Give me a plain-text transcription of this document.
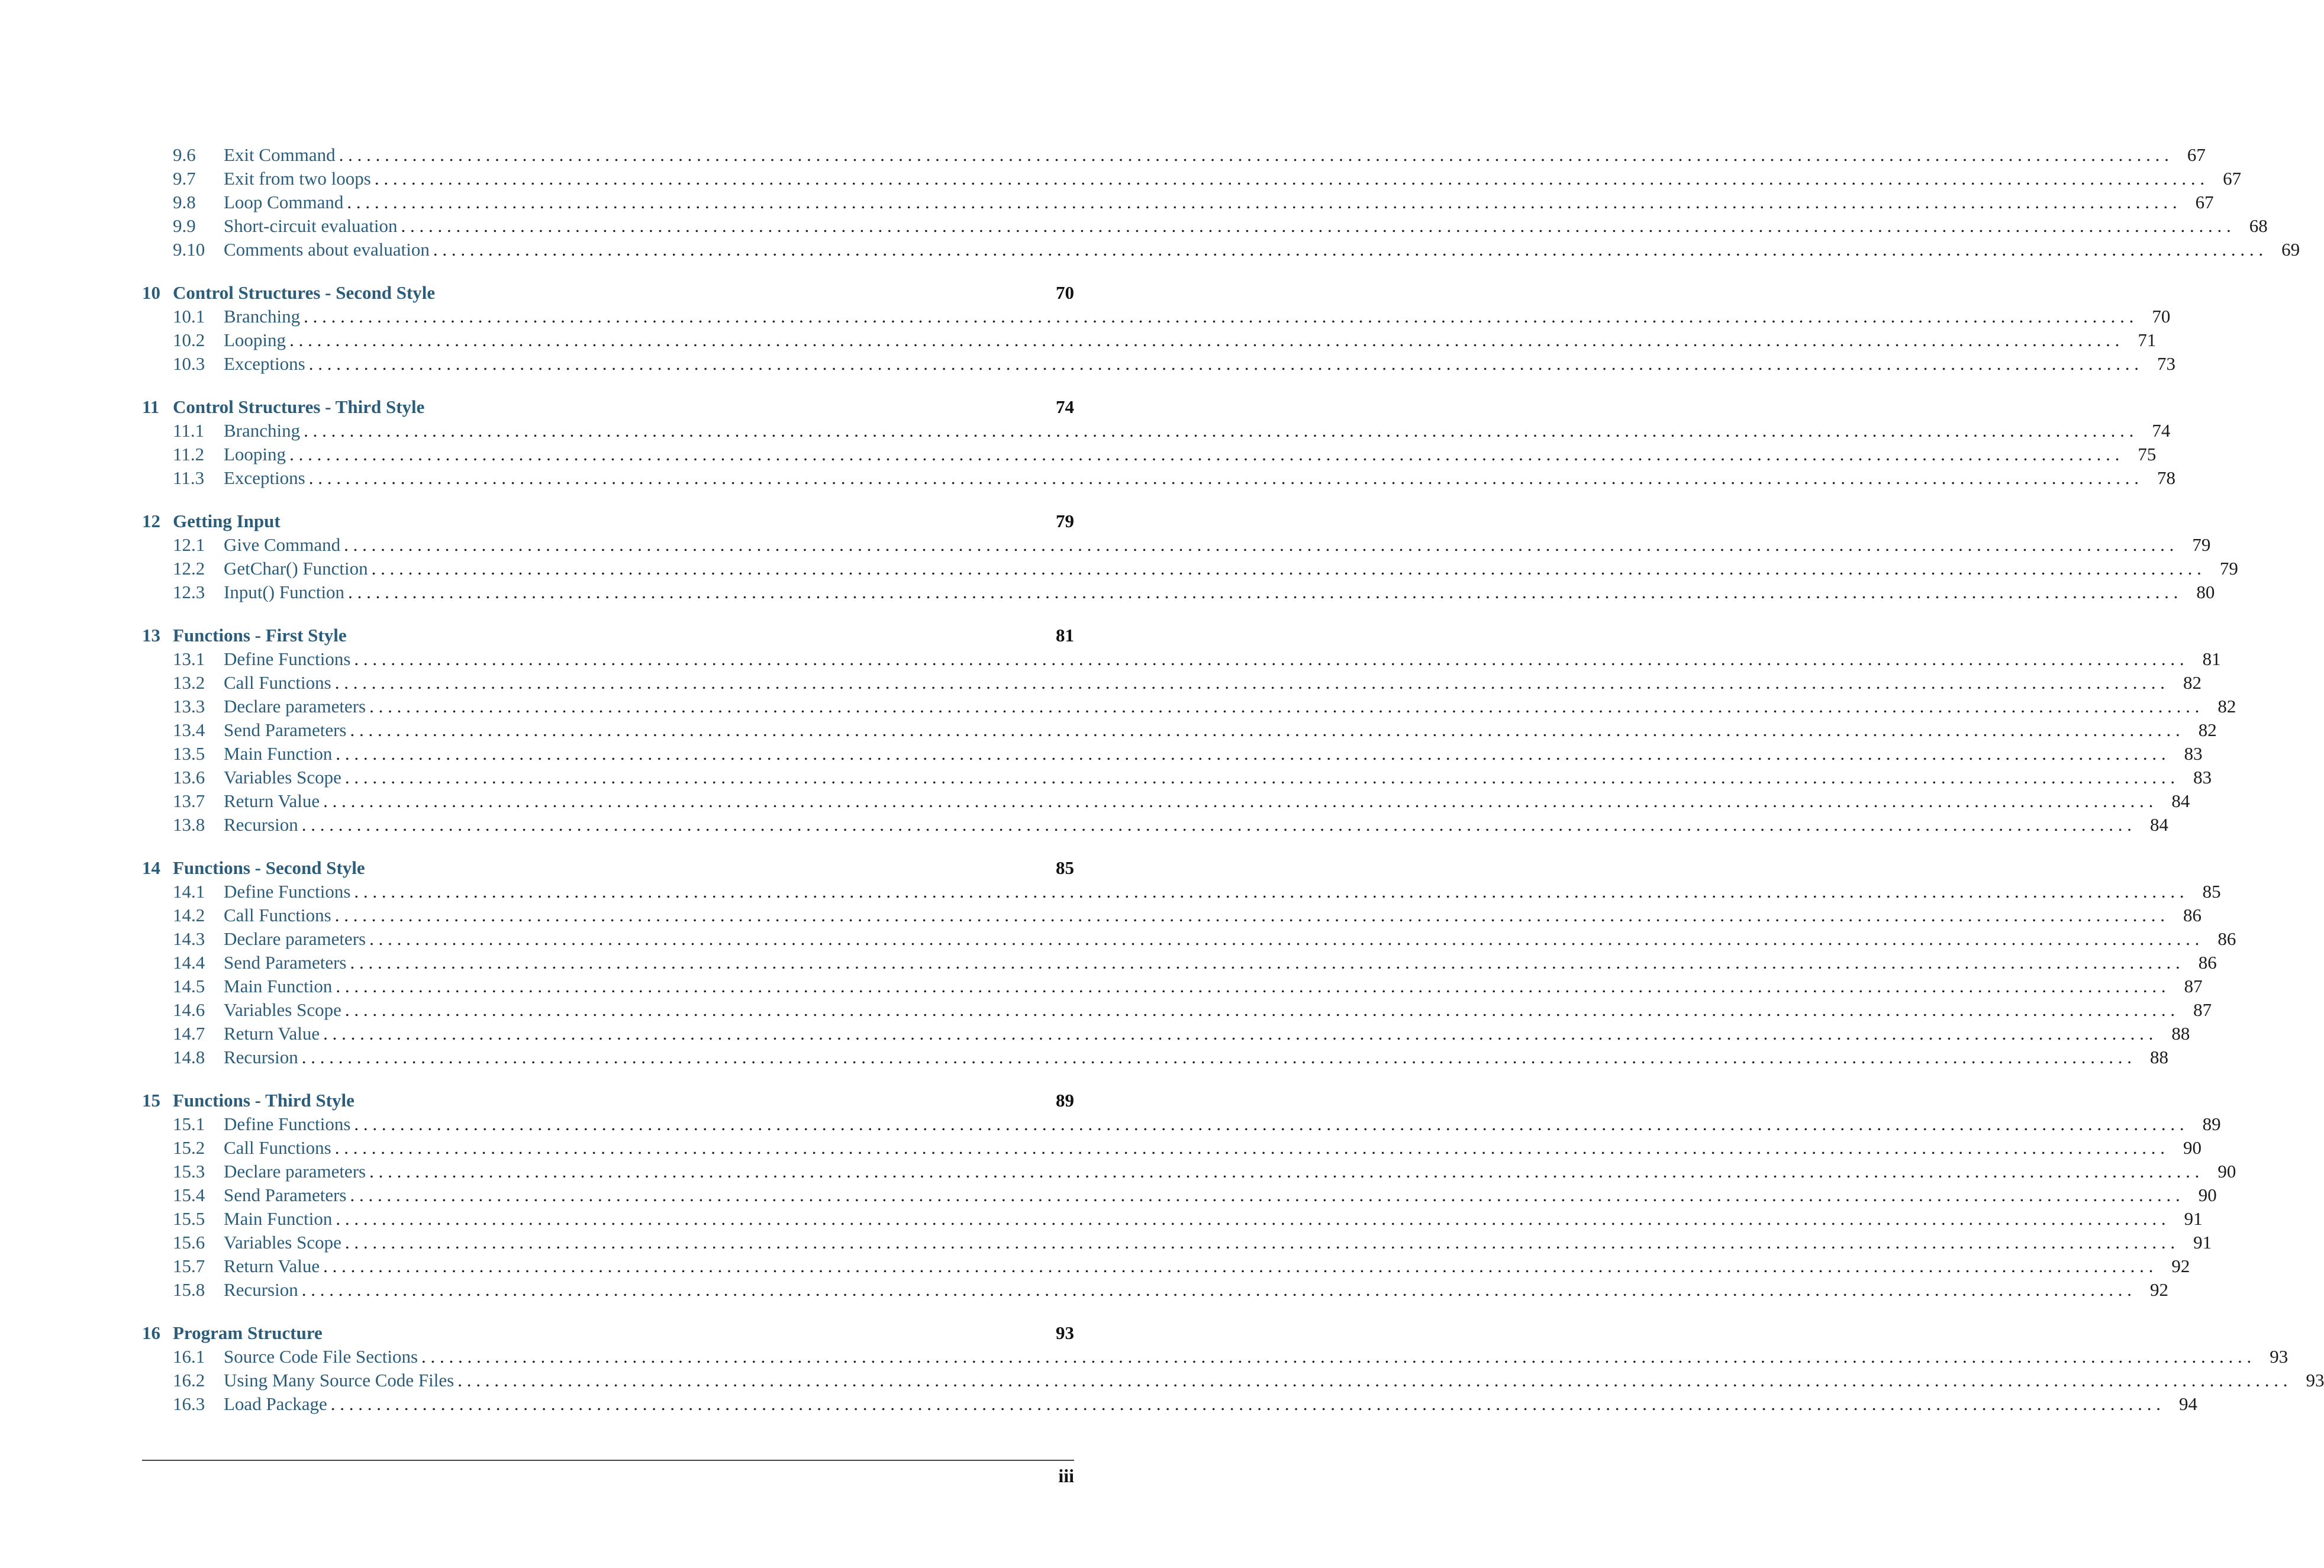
9.6	Exit Command . . . . . . . . . . . . . . . . . . . . . . . . . . . . . . . . . . . . . . . . . . . . . . . . . . . . . . . . . . . . . . . . . . . . . . . . . . . . . . . . . . . . . . . . . . . . . . . . . . . . . . . . . . . . . . . . . . . . . . . . . . . . . . . . . . . . . . . . . . . . . . . . . . . . . . . . . . . . . . . . . . . . . . . . . . . . . . . . . . . . . . . . . . . . . . . . . . . . . . . . 67
9.7	Exit from two loops . . . . . . . . . . . . . . . . . . . . . . . . . . . . . . . . . . . . . . . . . . . . . . . . . . . . . . . . . . . . . . . . . . . . . . . . . . . . . . . . . . . . . . . . . . . . . . . . . . . . . . . . . . . . . . . . . . . . . . . . . . . . . . . . . . . . . . . . . . . . . . . . . . . . . . . . . . . . . . . . . . . . . . . . . . . . . . . . . . . . . . . . . . . . . . . . . . . . . . . . 67
9.8	Loop Command . . . . . . . . . . . . . . . . . . . . . . . . . . . . . . . . . . . . . . . . . . . . . . . . . . . . . . . . . . . . . . . . . . . . . . . . . . . . . . . . . . . . . . . . . . . . . . . . . . . . . . . . . . . . . . . . . . . . . . . . . . . . . . . . . . . . . . . . . . . . . . . . . . . . . . . . . . . . . . . . . . . . . . . . . . . . . . . . . . . . . . . . . . . . . . . . . . . . . . . . 67
9.9	Short-circuit evaluation . . . . . . . . . . . . . . . . . . . . . . . . . . . . . . . . . . . . . . . . . . . . . . . . . . . . . . . . . . . . . . . . . . . . . . . . . . . . . . . . . . . . . . . . . . . . . . . . . . . . . . . . . . . . . . . . . . . . . . . . . . . . . . . . . . . . . . . . . . . . . . . . . . . . . . . . . . . . . . . . . . . . . . . . . . . . . . . . . . . . . . . . . . . . . . . . . . . . . . . . 68
9.10	Comments about evaluation . . . . . . . . . . . . . . . . . . . . . . . . . . . . . . . . . . . . . . . . . . . . . . . . . . . . . . . . . . . . . . . . . . . . . . . . . . . . . . . . . . . . . . . . . . . . . . . . . . . . . . . . . . . . . . . . . . . . . . . . . . . . . . . . . . . . . . . . . . . . . . . . . . . . . . . . . . . . . . . . . . . . . . . . . . . . . . . . . . . . . . . . . . . . . . . . . . . . . . . . 69
10 Control Structures - Second Style	70
10.1	Branching . . . . . . . . . . . . . . . . . . . . . . . . . . . . . . . . . . . . . . . . . . . . . . . . . . . . . . . . . . . . . . . . . . . . . . . . . . . . . . . . . . . . . . . . . . . . . . . . . . . . . . . . . . . . . . . . . . . . . . . . . . . . . . . . . . . . . . . . . . . . . . . . . . . . . . . . . . . . . . . . . . . . . . . . . . . . . . . . . . . . . . . . . . . . . . . . . . . . . . . . 70
10.2	Looping . . . . . . . . . . . . . . . . . . . . . . . . . . . . . . . . . . . . . . . . . . . . . . . . . . . . . . . . . . . . . . . . . . . . . . . . . . . . . . . . . . . . . . . . . . . . . . . . . . . . . . . . . . . . . . . . . . . . . . . . . . . . . . . . . . . . . . . . . . . . . . . . . . . . . . . . . . . . . . . . . . . . . . . . . . . . . . . . . . . . . . . . . . . . . . . . . . . . . . . . 71
10.3	Exceptions . . . . . . . . . . . . . . . . . . . . . . . . . . . . . . . . . . . . . . . . . . . . . . . . . . . . . . . . . . . . . . . . . . . . . . . . . . . . . . . . . . . . . . . . . . . . . . . . . . . . . . . . . . . . . . . . . . . . . . . . . . . . . . . . . . . . . . . . . . . . . . . . . . . . . . . . . . . . . . . . . . . . . . . . . . . . . . . . . . . . . . . . . . . . . . . . . . . . . . . . 73
11 Control Structures - Third Style	74
11.1	Branching . . . . . . . . . . . . . . . . . . . . . . . . . . . . . . . . . . . . . . . . . . . . . . . . . . . . . . . . . . . . . . . . . . . . . . . . . . . . . . . . . . . . . . . . . . . . . . . . . . . . . . . . . . . . . . . . . . . . . . . . . . . . . . . . . . . . . . . . . . . . . . . . . . . . . . . . . . . . . . . . . . . . . . . . . . . . . . . . . . . . . . . . . . . . . . . . . . . . . . . . 74
11.2	Looping . . . . . . . . . . . . . . . . . . . . . . . . . . . . . . . . . . . . . . . . . . . . . . . . . . . . . . . . . . . . . . . . . . . . . . . . . . . . . . . . . . . . . . . . . . . . . . . . . . . . . . . . . . . . . . . . . . . . . . . . . . . . . . . . . . . . . . . . . . . . . . . . . . . . . . . . . . . . . . . . . . . . . . . . . . . . . . . . . . . . . . . . . . . . . . . . . . . . . . . . 75
11.3	Exceptions . . . . . . . . . . . . . . . . . . . . . . . . . . . . . . . . . . . . . . . . . . . . . . . . . . . . . . . . . . . . . . . . . . . . . . . . . . . . . . . . . . . . . . . . . . . . . . . . . . . . . . . . . . . . . . . . . . . . . . . . . . . . . . . . . . . . . . . . . . . . . . . . . . . . . . . . . . . . . . . . . . . . . . . . . . . . . . . . . . . . . . . . . . . . . . . . . . . . . . . . 78
12 Getting Input	79
12.1	Give Command . . . . . . . . . . . . . . . . . . . . . . . . . . . . . . . . . . . . . . . . . . . . . . . . . . . . . . . . . . . . . . . . . . . . . . . . . . . . . . . . . . . . . . . . . . . . . . . . . . . . . . . . . . . . . . . . . . . . . . . . . . . . . . . . . . . . . . . . . . . . . . . . . . . . . . . . . . . . . . . . . . . . . . . . . . . . . . . . . . . . . . . . . . . . . . . . . . . . . . . . 79
12.2	GetChar() Function . . . . . . . . . . . . . . . . . . . . . . . . . . . . . . . . . . . . . . . . . . . . . . . . . . . . . . . . . . . . . . . . . . . . . . . . . . . . . . . . . . . . . . . . . . . . . . . . . . . . . . . . . . . . . . . . . . . . . . . . . . . . . . . . . . . . . . . . . . . . . . . . . . . . . . . . . . . . . . . . . . . . . . . . . . . . . . . . . . . . . . . . . . . . . . . . . . . . . . . . 79
12.3	Input() Function . . . . . . . . . . . . . . . . . . . . . . . . . . . . . . . . . . . . . . . . . . . . . . . . . . . . . . . . . . . . . . . . . . . . . . . . . . . . . . . . . . . . . . . . . . . . . . . . . . . . . . . . . . . . . . . . . . . . . . . . . . . . . . . . . . . . . . . . . . . . . . . . . . . . . . . . . . . . . . . . . . . . . . . . . . . . . . . . . . . . . . . . . . . . . . . . . . . . . . . . 80
13 Functions - First Style	81
13.1	Define Functions . . . . . . . . . . . . . . . . . . . . . . . . . . . . . . . . . . . . . . . . . . . . . . . . . . . . . . . . . . . . . . . . . . . . . . . . . . . . . . . . . . . . . . . . . . . . . . . . . . . . . . . . . . . . . . . . . . . . . . . . . . . . . . . . . . . . . . . . . . . . . . . . . . . . . . . . . . . . . . . . . . . . . . . . . . . . . . . . . . . . . . . . . . . . . . . . . . . . . . . . 81
13.2	Call Functions . . . . . . . . . . . . . . . . . . . . . . . . . . . . . . . . . . . . . . . . . . . . . . . . . . . . . . . . . . . . . . . . . . . . . . . . . . . . . . . . . . . . . . . . . . . . . . . . . . . . . . . . . . . . . . . . . . . . . . . . . . . . . . . . . . . . . . . . . . . . . . . . . . . . . . . . . . . . . . . . . . . . . . . . . . . . . . . . . . . . . . . . . . . . . . . . . . . . . . . . 82
13.3	Declare parameters . . . . . . . . . . . . . . . . . . . . . . . . . . . . . . . . . . . . . . . . . . . . . . . . . . . . . . . . . . . . . . . . . . . . . . . . . . . . . . . . . . . . . . . . . . . . . . . . . . . . . . . . . . . . . . . . . . . . . . . . . . . . . . . . . . . . . . . . . . . . . . . . . . . . . . . . . . . . . . . . . . . . . . . . . . . . . . . . . . . . . . . . . . . . . . . . . . . . . . . . 82
13.4	Send Parameters . . . . . . . . . . . . . . . . . . . . . . . . . . . . . . . . . . . . . . . . . . . . . . . . . . . . . . . . . . . . . . . . . . . . . . . . . . . . . . . . . . . . . . . . . . . . . . . . . . . . . . . . . . . . . . . . . . . . . . . . . . . . . . . . . . . . . . . . . . . . . . . . . . . . . . . . . . . . . . . . . . . . . . . . . . . . . . . . . . . . . . . . . . . . . . . . . . . . . . . . 82
13.5	Main Function . . . . . . . . . . . . . . . . . . . . . . . . . . . . . . . . . . . . . . . . . . . . . . . . . . . . . . . . . . . . . . . . . . . . . . . . . . . . . . . . . . . . . . . . . . . . . . . . . . . . . . . . . . . . . . . . . . . . . . . . . . . . . . . . . . . . . . . . . . . . . . . . . . . . . . . . . . . . . . . . . . . . . . . . . . . . . . . . . . . . . . . . . . . . . . . . . . . . . . . . 83
13.6	Variables Scope . . . . . . . . . . . . . . . . . . . . . . . . . . . . . . . . . . . . . . . . . . . . . . . . . . . . . . . . . . . . . . . . . . . . . . . . . . . . . . . . . . . . . . . . . . . . . . . . . . . . . . . . . . . . . . . . . . . . . . . . . . . . . . . . . . . . . . . . . . . . . . . . . . . . . . . . . . . . . . . . . . . . . . . . . . . . . . . . . . . . . . . . . . . . . . . . . . . . . . . . 83
13.7	Return Value . . . . . . . . . . . . . . . . . . . . . . . . . . . . . . . . . . . . . . . . . . . . . . . . . . . . . . . . . . . . . . . . . . . . . . . . . . . . . . . . . . . . . . . . . . . . . . . . . . . . . . . . . . . . . . . . . . . . . . . . . . . . . . . . . . . . . . . . . . . . . . . . . . . . . . . . . . . . . . . . . . . . . . . . . . . . . . . . . . . . . . . . . . . . . . . . . . . . . . . . 84
13.8	Recursion . . . . . . . . . . . . . . . . . . . . . . . . . . . . . . . . . . . . . . . . . . . . . . . . . . . . . . . . . . . . . . . . . . . . . . . . . . . . . . . . . . . . . . . . . . . . . . . . . . . . . . . . . . . . . . . . . . . . . . . . . . . . . . . . . . . . . . . . . . . . . . . . . . . . . . . . . . . . . . . . . . . . . . . . . . . . . . . . . . . . . . . . . . . . . . . . . . . . . . . . 84
14 Functions - Second Style	85
14.1	Define Functions . . . . . . . . . . . . . . . . . . . . . . . . . . . . . . . . . . . . . . . . . . . . . . . . . . . . . . . . . . . . . . . . . . . . . . . . . . . . . . . . . . . . . . . . . . . . . . . . . . . . . . . . . . . . . . . . . . . . . . . . . . . . . . . . . . . . . . . . . . . . . . . . . . . . . . . . . . . . . . . . . . . . . . . . . . . . . . . . . . . . . . . . . . . . . . . . . . . . . . . . 85
14.2	Call Functions . . . . . . . . . . . . . . . . . . . . . . . . . . . . . . . . . . . . . . . . . . . . . . . . . . . . . . . . . . . . . . . . . . . . . . . . . . . . . . . . . . . . . . . . . . . . . . . . . . . . . . . . . . . . . . . . . . . . . . . . . . . . . . . . . . . . . . . . . . . . . . . . . . . . . . . . . . . . . . . . . . . . . . . . . . . . . . . . . . . . . . . . . . . . . . . . . . . . . . . . 86
14.3	Declare parameters . . . . . . . . . . . . . . . . . . . . . . . . . . . . . . . . . . . . . . . . . . . . . . . . . . . . . . . . . . . . . . . . . . . . . . . . . . . . . . . . . . . . . . . . . . . . . . . . . . . . . . . . . . . . . . . . . . . . . . . . . . . . . . . . . . . . . . . . . . . . . . . . . . . . . . . . . . . . . . . . . . . . . . . . . . . . . . . . . . . . . . . . . . . . . . . . . . . . . . . . 86
14.4	Send Parameters . . . . . . . . . . . . . . . . . . . . . . . . . . . . . . . . . . . . . . . . . . . . . . . . . . . . . . . . . . . . . . . . . . . . . . . . . . . . . . . . . . . . . . . . . . . . . . . . . . . . . . . . . . . . . . . . . . . . . . . . . . . . . . . . . . . . . . . . . . . . . . . . . . . . . . . . . . . . . . . . . . . . . . . . . . . . . . . . . . . . . . . . . . . . . . . . . . . . . . . . 86
14.5	Main Function . . . . . . . . . . . . . . . . . . . . . . . . . . . . . . . . . . . . . . . . . . . . . . . . . . . . . . . . . . . . . . . . . . . . . . . . . . . . . . . . . . . . . . . . . . . . . . . . . . . . . . . . . . . . . . . . . . . . . . . . . . . . . . . . . . . . . . . . . . . . . . . . . . . . . . . . . . . . . . . . . . . . . . . . . . . . . . . . . . . . . . . . . . . . . . . . . . . . . . . . 87
14.6	Variables Scope . . . . . . . . . . . . . . . . . . . . . . . . . . . . . . . . . . . . . . . . . . . . . . . . . . . . . . . . . . . . . . . . . . . . . . . . . . . . . . . . . . . . . . . . . . . . . . . . . . . . . . . . . . . . . . . . . . . . . . . . . . . . . . . . . . . . . . . . . . . . . . . . . . . . . . . . . . . . . . . . . . . . . . . . . . . . . . . . . . . . . . . . . . . . . . . . . . . . . . . . 87
14.7	Return Value . . . . . . . . . . . . . . . . . . . . . . . . . . . . . . . . . . . . . . . . . . . . . . . . . . . . . . . . . . . . . . . . . . . . . . . . . . . . . . . . . . . . . . . . . . . . . . . . . . . . . . . . . . . . . . . . . . . . . . . . . . . . . . . . . . . . . . . . . . . . . . . . . . . . . . . . . . . . . . . . . . . . . . . . . . . . . . . . . . . . . . . . . . . . . . . . . . . . . . . . 88
14.8	Recursion . . . . . . . . . . . . . . . . . . . . . . . . . . . . . . . . . . . . . . . . . . . . . . . . . . . . . . . . . . . . . . . . . . . . . . . . . . . . . . . . . . . . . . . . . . . . . . . . . . . . . . . . . . . . . . . . . . . . . . . . . . . . . . . . . . . . . . . . . . . . . . . . . . . . . . . . . . . . . . . . . . . . . . . . . . . . . . . . . . . . . . . . . . . . . . . . . . . . . . . . 88
15 Functions - Third Style	89
15.1	Define Functions . . . . . . . . . . . . . . . . . . . . . . . . . . . . . . . . . . . . . . . . . . . . . . . . . . . . . . . . . . . . . . . . . . . . . . . . . . . . . . . . . . . . . . . . . . . . . . . . . . . . . . . . . . . . . . . . . . . . . . . . . . . . . . . . . . . . . . . . . . . . . . . . . . . . . . . . . . . . . . . . . . . . . . . . . . . . . . . . . . . . . . . . . . . . . . . . . . . . . . . . 89
15.2	Call Functions . . . . . . . . . . . . . . . . . . . . . . . . . . . . . . . . . . . . . . . . . . . . . . . . . . . . . . . . . . . . . . . . . . . . . . . . . . . . . . . . . . . . . . . . . . . . . . . . . . . . . . . . . . . . . . . . . . . . . . . . . . . . . . . . . . . . . . . . . . . . . . . . . . . . . . . . . . . . . . . . . . . . . . . . . . . . . . . . . . . . . . . . . . . . . . . . . . . . . . . . 90
15.3	Declare parameters . . . . . . . . . . . . . . . . . . . . . . . . . . . . . . . . . . . . . . . . . . . . . . . . . . . . . . . . . . . . . . . . . . . . . . . . . . . . . . . . . . . . . . . . . . . . . . . . . . . . . . . . . . . . . . . . . . . . . . . . . . . . . . . . . . . . . . . . . . . . . . . . . . . . . . . . . . . . . . . . . . . . . . . . . . . . . . . . . . . . . . . . . . . . . . . . . . . . . . . . 90
15.4	Send Parameters . . . . . . . . . . . . . . . . . . . . . . . . . . . . . . . . . . . . . . . . . . . . . . . . . . . . . . . . . . . . . . . . . . . . . . . . . . . . . . . . . . . . . . . . . . . . . . . . . . . . . . . . . . . . . . . . . . . . . . . . . . . . . . . . . . . . . . . . . . . . . . . . . . . . . . . . . . . . . . . . . . . . . . . . . . . . . . . . . . . . . . . . . . . . . . . . . . . . . . . . 90
15.5	Main Function . . . . . . . . . . . . . . . . . . . . . . . . . . . . . . . . . . . . . . . . . . . . . . . . . . . . . . . . . . . . . . . . . . . . . . . . . . . . . . . . . . . . . . . . . . . . . . . . . . . . . . . . . . . . . . . . . . . . . . . . . . . . . . . . . . . . . . . . . . . . . . . . . . . . . . . . . . . . . . . . . . . . . . . . . . . . . . . . . . . . . . . . . . . . . . . . . . . . . . . . 91
15.6	Variables Scope . . . . . . . . . . . . . . . . . . . . . . . . . . . . . . . . . . . . . . . . . . . . . . . . . . . . . . . . . . . . . . . . . . . . . . . . . . . . . . . . . . . . . . . . . . . . . . . . . . . . . . . . . . . . . . . . . . . . . . . . . . . . . . . . . . . . . . . . . . . . . . . . . . . . . . . . . . . . . . . . . . . . . . . . . . . . . . . . . . . . . . . . . . . . . . . . . . . . . . . . 91
15.7	Return Value . . . . . . . . . . . . . . . . . . . . . . . . . . . . . . . . . . . . . . . . . . . . . . . . . . . . . . . . . . . . . . . . . . . . . . . . . . . . . . . . . . . . . . . . . . . . . . . . . . . . . . . . . . . . . . . . . . . . . . . . . . . . . . . . . . . . . . . . . . . . . . . . . . . . . . . . . . . . . . . . . . . . . . . . . . . . . . . . . . . . . . . . . . . . . . . . . . . . . . . . 92
15.8	Recursion . . . . . . . . . . . . . . . . . . . . . . . . . . . . . . . . . . . . . . . . . . . . . . . . . . . . . . . . . . . . . . . . . . . . . . . . . . . . . . . . . . . . . . . . . . . . . . . . . . . . . . . . . . . . . . . . . . . . . . . . . . . . . . . . . . . . . . . . . . . . . . . . . . . . . . . . . . . . . . . . . . . . . . . . . . . . . . . . . . . . . . . . . . . . . . . . . . . . . . . . 92
16 Program Structure	93
16.1	Source Code File Sections . . . . . . . . . . . . . . . . . . . . . . . . . . . . . . . . . . . . . . . . . . . . . . . . . . . . . . . . . . . . . . . . . . . . . . . . . . . . . . . . . . . . . . . . . . . . . . . . . . . . . . . . . . . . . . . . . . . . . . . . . . . . . . . . . . . . . . . . . . . . . . . . . . . . . . . . . . . . . . . . . . . . . . . . . . . . . . . . . . . . . . . . . . . . . . . . . . . . . . . . 93
16.2	Using Many Source Code Files . . . . . . . . . . . . . . . . . . . . . . . . . . . . . . . . . . . . . . . . . . . . . . . . . . . . . . . . . . . . . . . . . . . . . . . . . . . . . . . . . . . . . . . . . . . . . . . . . . . . . . . . . . . . . . . . . . . . . . . . . . . . . . . . . . . . . . . . . . . . . . . . . . . . . . . . . . . . . . . . . . . . . . . . . . . . . . . . . . . . . . . . . . . . . . . . . . . . . . . . 93
16.3	Load Package . . . . . . . . . . . . . . . . . . . . . . . . . . . . . . . . . . . . . . . . . . . . . . . . . . . . . . . . . . . . . . . . . . . . . . . . . . . . . . . . . . . . . . . . . . . . . . . . . . . . . . . . . . . . . . . . . . . . . . . . . . . . . . . . . . . . . . . . . . . . . . . . . . . . . . . . . . . . . . . . . . . . . . . . . . . . . . . . . . . . . . . . . . . . . . . . . . . . . . . . 94
iii
